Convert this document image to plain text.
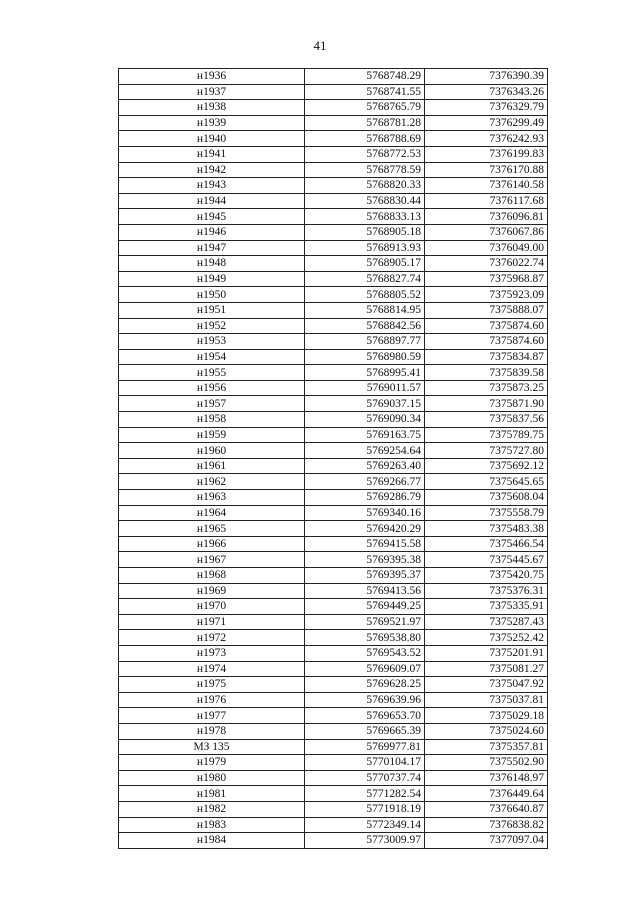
41
н1936	5768748.29	7376390.39
н1937	5768741.55	7376343.26
н1938	5768765.79	7376329.79
н1939	5768781.28	7376299.49
н1940	5768788.69	7376242.93
н1941	5768772.53	7376199.83
н1942	5768778.59	7376170.88
н1943	5768820.33	7376140.58
н1944	5768830.44	7376117.68
н1945	5768833.13	7376096.81
н1946	5768905.18	7376067.86
н1947	5768913.93	7376049.00
н1948	5768905.17	7376022.74
н1949	5768827.74	7375968.87
н1950	5768805.52	7375923.09
н1951	5768814.95	7375888.07
н1952	5768842.56	7375874.60
н1953	5768897.77	7375874.60
н1954	5768980.59	7375834.87
н1955	5768995.41	7375839.58
н1956	5769011.57	7375873.25
н1957	5769037.15	7375871.90
н1958	5769090.34	7375837.56
н1959	5769163.75	7375789.75
н1960	5769254.64	7375727.80
н1961	5769263.40	7375692.12
н1962	5769266.77	7375645.65
н1963	5769286.79	7375608.04
н1964	5769340.16	7375558.79
н1965	5769420.29	7375483.38
н1966	5769415.58	7375466.54
н1967	5769395.38	7375445.67
н1968	5769395.37	7375420.75
н1969	5769413.56	7375376.31
н1970	5769449.25	7375335.91
н1971	5769521.97	7375287.43
н1972	5769538.80	7375252.42
н1973	5769543.52	7375201.91
н1974	5769609.07	7375081.27
н1975	5769628.25	7375047.92
н1976	5769639.96	7375037.81
н1977	5769653.70	7375029.18
н1978	5769665.39	7375024.60
МЗ 135	5769977.81	7375357.81
н1979	5770104.17	7375502.90
н1980	5770737.74	7376148.97
н1981	5771282.54	7376449.64
н1982	5771918.19	7376640.87
н1983	5772349.14	7376838.82
н1984	5773009.97	7377097.04
